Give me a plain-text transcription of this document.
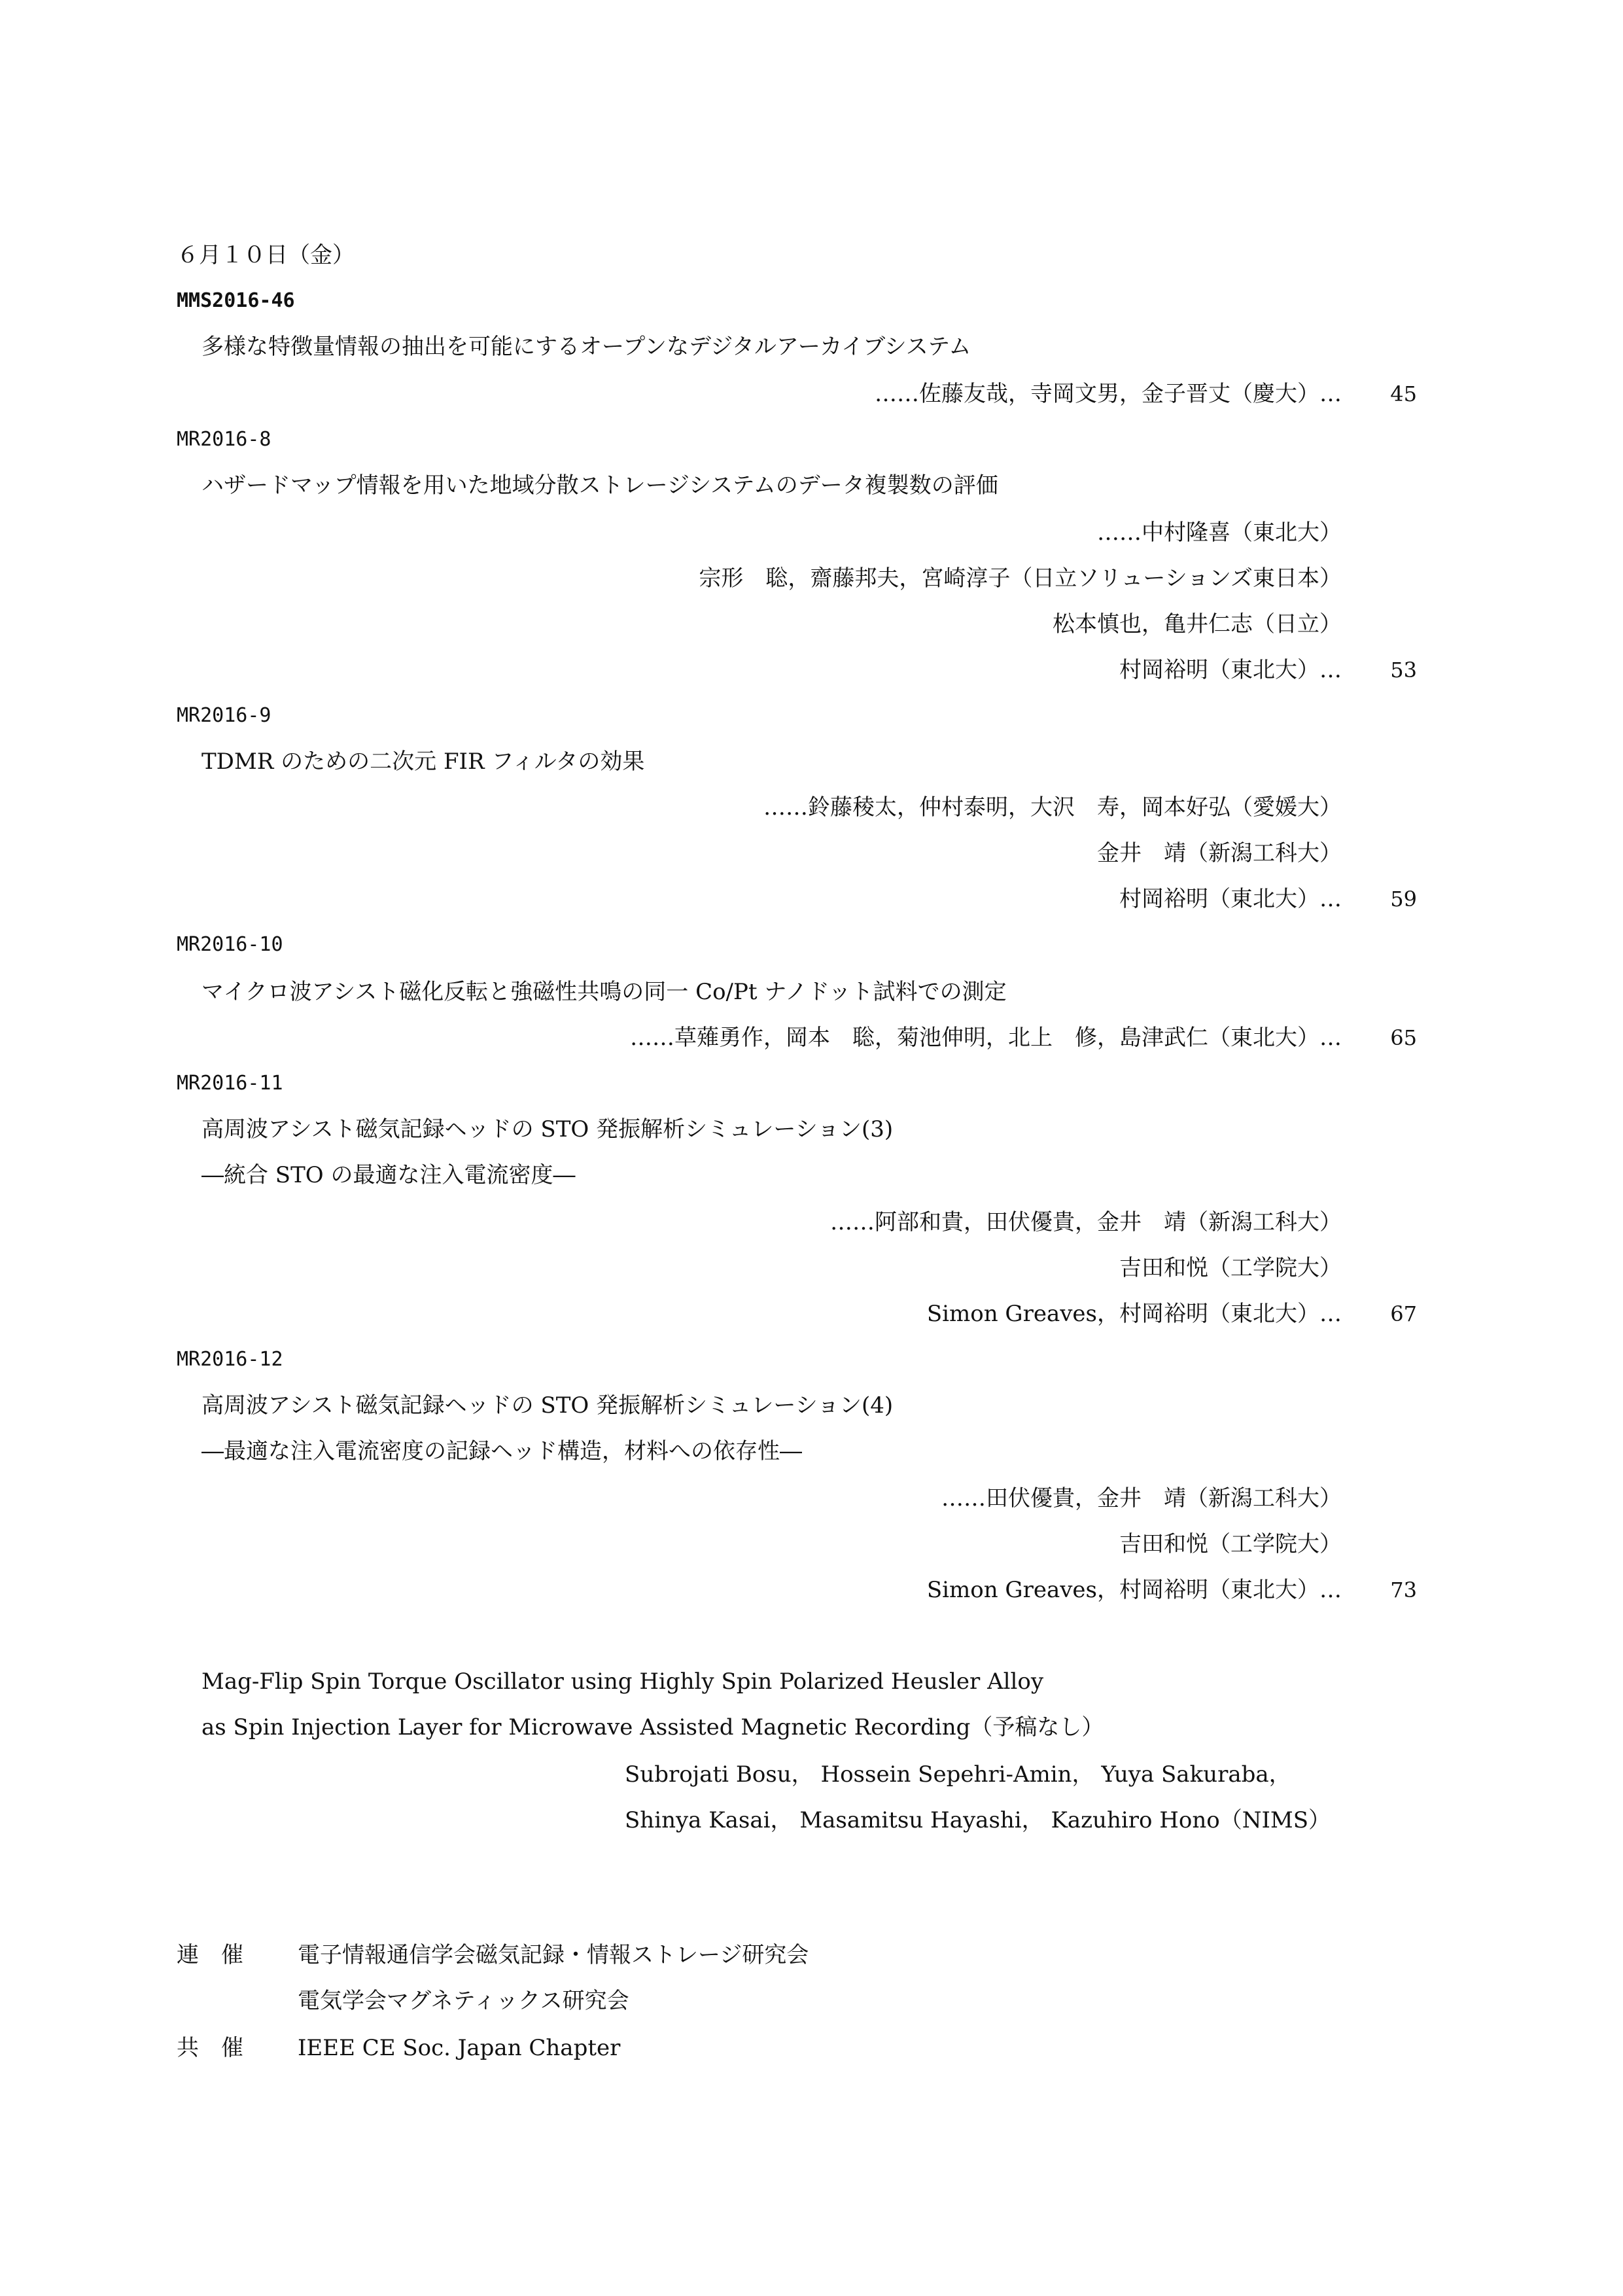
６月１０日（金）
MMS2016-46
多様な特徴量情報の抽出を可能にするオープンなデジタルアーカイブシステム
……佐藤友哉，寺岡文男，金子晋丈（慶大）…	45
MR2016-8
ハザードマップ情報を用いた地域分散ストレージシステムのデータ複製数の評価
……中村隆喜（東北大）
宗形　聡，齋藤邦夫，宮崎淳子（日立ソリューションズ東日本）
松本慎也，亀井仁志（日立）
村岡裕明（東北大）…	53
MR2016-9
TDMR のための二次元 FIR フィルタの効果
……鈴藤稜太，仲村泰明，大沢　寿，岡本好弘（愛媛大）
金井　靖（新潟工科大）
村岡裕明（東北大）…	59
MR2016-10
マイクロ波アシスト磁化反転と強磁性共鳴の同一 Co/Pt ナノドット試料での測定
……草薙勇作，岡本　聡，菊池伸明，北上　修，島津武仁（東北大）…	65
MR2016-11
高周波アシスト磁気記録ヘッドの STO 発振解析シミュレーション(3)
―統合 STO の最適な注入電流密度―
……阿部和貴，田伏優貴，金井　靖（新潟工科大）
吉田和悦（工学院大）
Simon Greaves，村岡裕明（東北大）…	67
MR2016-12
高周波アシスト磁気記録ヘッドの STO 発振解析シミュレーション(4)
―最適な注入電流密度の記録ヘッド構造，材料への依存性―
……田伏優貴，金井　靖（新潟工科大）
吉田和悦（工学院大）
Simon Greaves，村岡裕明（東北大）…	73
Mag-Flip Spin Torque Oscillator using Highly Spin Polarized Heusler Alloy
as Spin Injection Layer for Microwave Assisted Magnetic Recording（予稿なし）
Subrojati Bosu， Hossein Sepehri-Amin， Yuya Sakuraba，
Shinya Kasai， Masamitsu Hayashi， Kazuhiro Hono（NIMS）
連　催 電子情報通信学会磁気記録・情報ストレージ研究会
電気学会マグネティックス研究会
共　催 IEEE CE Soc. Japan Chapter
